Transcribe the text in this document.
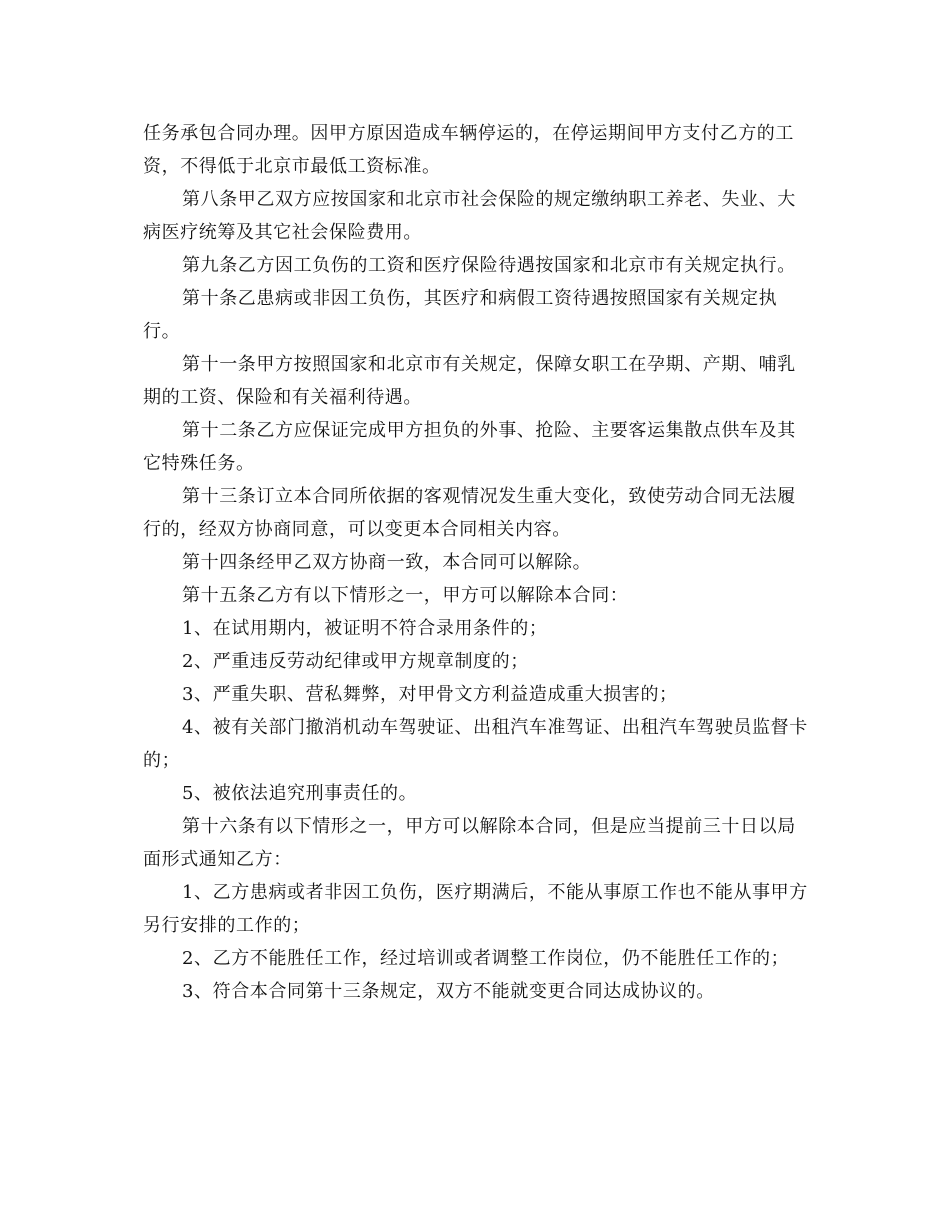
任务承包合同办理。因甲方原因造成车辆停运的，在停运期间甲方支付乙方的工资，不得低于北京市最低工资标准。

第八条甲乙双方应按国家和北京市社会保险的规定缴纳职工养老、失业、大病医疗统筹及其它社会保险费用。

第九条乙方因工负伤的工资和医疗保险待遇按国家和北京市有关规定执行。

第十条乙患病或非因工负伤，其医疗和病假工资待遇按照国家有关规定执行。

第十一条甲方按照国家和北京市有关规定，保障女职工在孕期、产期、哺乳期的工资、保险和有关福利待遇。

第十二条乙方应保证完成甲方担负的外事、抢险、主要客运集散点供车及其它特殊任务。

第十三条订立本合同所依据的客观情况发生重大变化，致使劳动合同无法履行的，经双方协商同意，可以变更本合同相关内容。

第十四条经甲乙双方协商一致，本合同可以解除。

第十五条乙方有以下情形之一，甲方可以解除本合同：

1、在试用期内，被证明不符合录用条件的；

2、严重违反劳动纪律或甲方规章制度的；

3、严重失职、营私舞弊，对甲骨文方利益造成重大损害的；

4、被有关部门撤消机动车驾驶证、出租汽车准驾证、出租汽车驾驶员监督卡的；

5、被依法追究刑事责任的。

第十六条有以下情形之一，甲方可以解除本合同，但是应当提前三十日以局面形式通知乙方：

1、乙方患病或者非因工负伤，医疗期满后，不能从事原工作也不能从事甲方另行安排的工作的；

2、乙方不能胜任工作，经过培训或者调整工作岗位，仍不能胜任工作的；

3、符合本合同第十三条规定，双方不能就变更合同达成协议的。
